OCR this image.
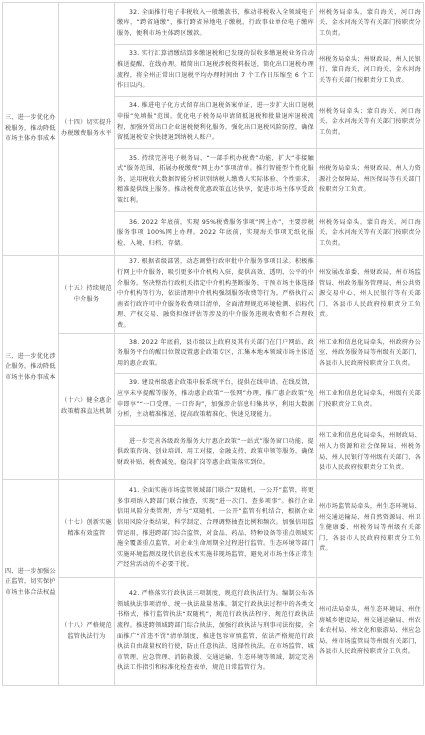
三、进一步优化办税服务，推动降低市场主体办事成本	（十四）切实提升办税缴费服务水平	32. 全面推行电子非税收入一般缴款书，推动非税收入全领域电子缴库，“跨省通缴”，推行跨省异地电子缴税，行政事业单位电子缴库服务，便利市场主体跨区缴款。	州税务局牵头，蒙自海关、河口海关、金水河海关等有关部门按职责分工负责。
		33. 实行汇算清缴结算多缴退税和已发现的误收多缴退税业务自动推送提醒、在线办理。精简出口退税涉税资料报送，简化出口退税办理流程，将全州正常出口退税平均办理时间由 7 个工作日压缩至 6 个工作日以内。	州税务局牵头；州财政局、州人民银行、蒙自海关、河口海关、金水河海关等有关部门按职责分工负责。
		34. 推进电子化方式留存出口退税备案单证，进一步扩大出口退税申报“免填报”范围。优化电子税务局申请留抵退税和批量退库退税流程，加强外贸出口企业退税便利化服务，强化出口退税风险防控，确保留抵退税安全快捷退到纳税人账户。	州税务局牵头；蒙自海关、河口海关、金水河海关等有关部门按职责分工负责。
		35. 持续完善电子税务局、“一部手机办税费”功能，扩大“非接触式”服务范围，拓展办税缴费“网上办”事项清单。推行智能型个性化服务，运用税收大数据智能分析识别纳税人缴费人实际体验、个性需求，精准提供线上服务。推动税费优惠政策直达快享，促进市场主体享受政策红利。	州税务局牵头；州财政局、州人力资源社会保障局、州医保局等有关部门按职责分工负责。
		36. 2022 年底前，实现 95%税费服务事项“网上办”，主要涉税服务事项 100%网上办理。2022 年底前，实现海关事项无纸化报检、入境、归档、存储。	州税务局牵头，蒙自海关、河口海关、金水河海关等有关部门按职责分工负责。
三、进一步优化涉企服务，推动降低市场主体办事成本	（十五）持续规范中介服务	37. 根据省级部署，动态调整行政审批中介服务事项目录。积极推行网上中介服务，吸引更多中介机构入驻，提供高效、透明、公平的中介服务。坚决整治行政机关指定中介机构垄断服务、干预市场主体选择中介机构等行为，依法清理中介机构强制服务收费等行为。严格执行云南省行政许可中介服务收费项目清单，全面清理规范环境检测、招标代理、产权交易、融资担保评估等涉及的中介服务违规收费和不合理收费。	州发展改革委、州财政局、州市场监管局、州政务服务管理局、州公共资源交易中心、州人民银行等有关部门，各县市人民政府按职责分工负责。
	（十六）健全惠企政策精准直达机制	38. 2022 年底前，县市级以上政府及其有关部门在门户网站、政务服务平台的醒目位置设置惠企政策专区，汇集本地本领域市场主体适用的惠企政策。	州工业和信息化局牵头，州政府办公室、州政务服务局等州级有关部门，各县市人民政府按职责分工负责。
		39. 建设州级惠企政策申报系统平台，提供在线申请、在线反馈，应享未享提醒等服务，推动惠企政策“一张网”办理，推广惠企政策“免申即享”“一口受理、一口咨询”，加强涉企信息归集共享，利用大数据分析，主动精准推送，提高政策精准化、快速兑现能力。	州工业和信息化局牵头，州级有关部门按职责分工负责。
		进一步完善各级政务服务大厅惠企政策“一站式”服务窗口功能，提供政策咨询、创业培训、用工对接，金融支持、政策申领等服务，确保财政补贴、税费减免、稳岗扩岗等惠企政策落实到位。	州工业和信息化局牵头，州财政局、州人力资源和社会保障局、州税务局、州人民银行等州级有关部门，各县市人民政府按职责分工负责。
四、进一步加强公正监管，切实保护市场主体合法权益	（十七）创新实施精准有效监管	41. 全面实施市场监管领域部门联合“双随机、一公开”监管，将更多事项纳入跨部门联合抽查，实现“进一次门、查多项事”。推行企业信用风险分类管理，并与“双随机、一公开”监管有机结合，根据企业信用风险分类结果，科学制定、合理调整抽查比例和频次。加强信用监管运用，推进跨部门综合监管，对食品、药品、特种设备等重点领域实施全覆盖重点监管，对企业生命周期全过程进行监管。生态环境等部门实施环境监测及现代信息技术实施非现场监管，避免对市场主体正常生产经营活动的不必要干扰。	州市场监管局牵头，州生态环境局、州交通运输局、州自然资源局、州卫生健康委、州税务局等州级有关部门，各县市人民政府按职责分工负责。
	（十八）严格规范监管执法行为	42. 严格落实行政执法三项制度，规范行政执法行为。编制公布各领域执法事项清单、统一执法裁量基准。制定行政执法过程中的各类文书格式，推行监管执法“双随机”，规范行政执法程序、规范行政执法流程。推进跨领域跨部门综合执法，加强行政执法与刑事司法衔接，全面推广“首违不罚”清单制度，推进包容审慎监管，依法严格规范行政执法自由裁量权的行使，防止任意执法、选择性执法。在市场监管、城市管理、应急管理、消防救援、交通运输、生态环境等领域，制定完善执法工作指引和标准化检查表单，规范日常监管行为。	州司法局牵头，州生态环境局、州住房城乡建设局、州交通运输局、州农业农村局、州文化和旅游局、州应急局、州市场监管局等州级有关部门，各县市人民政府按职责分工负责。
